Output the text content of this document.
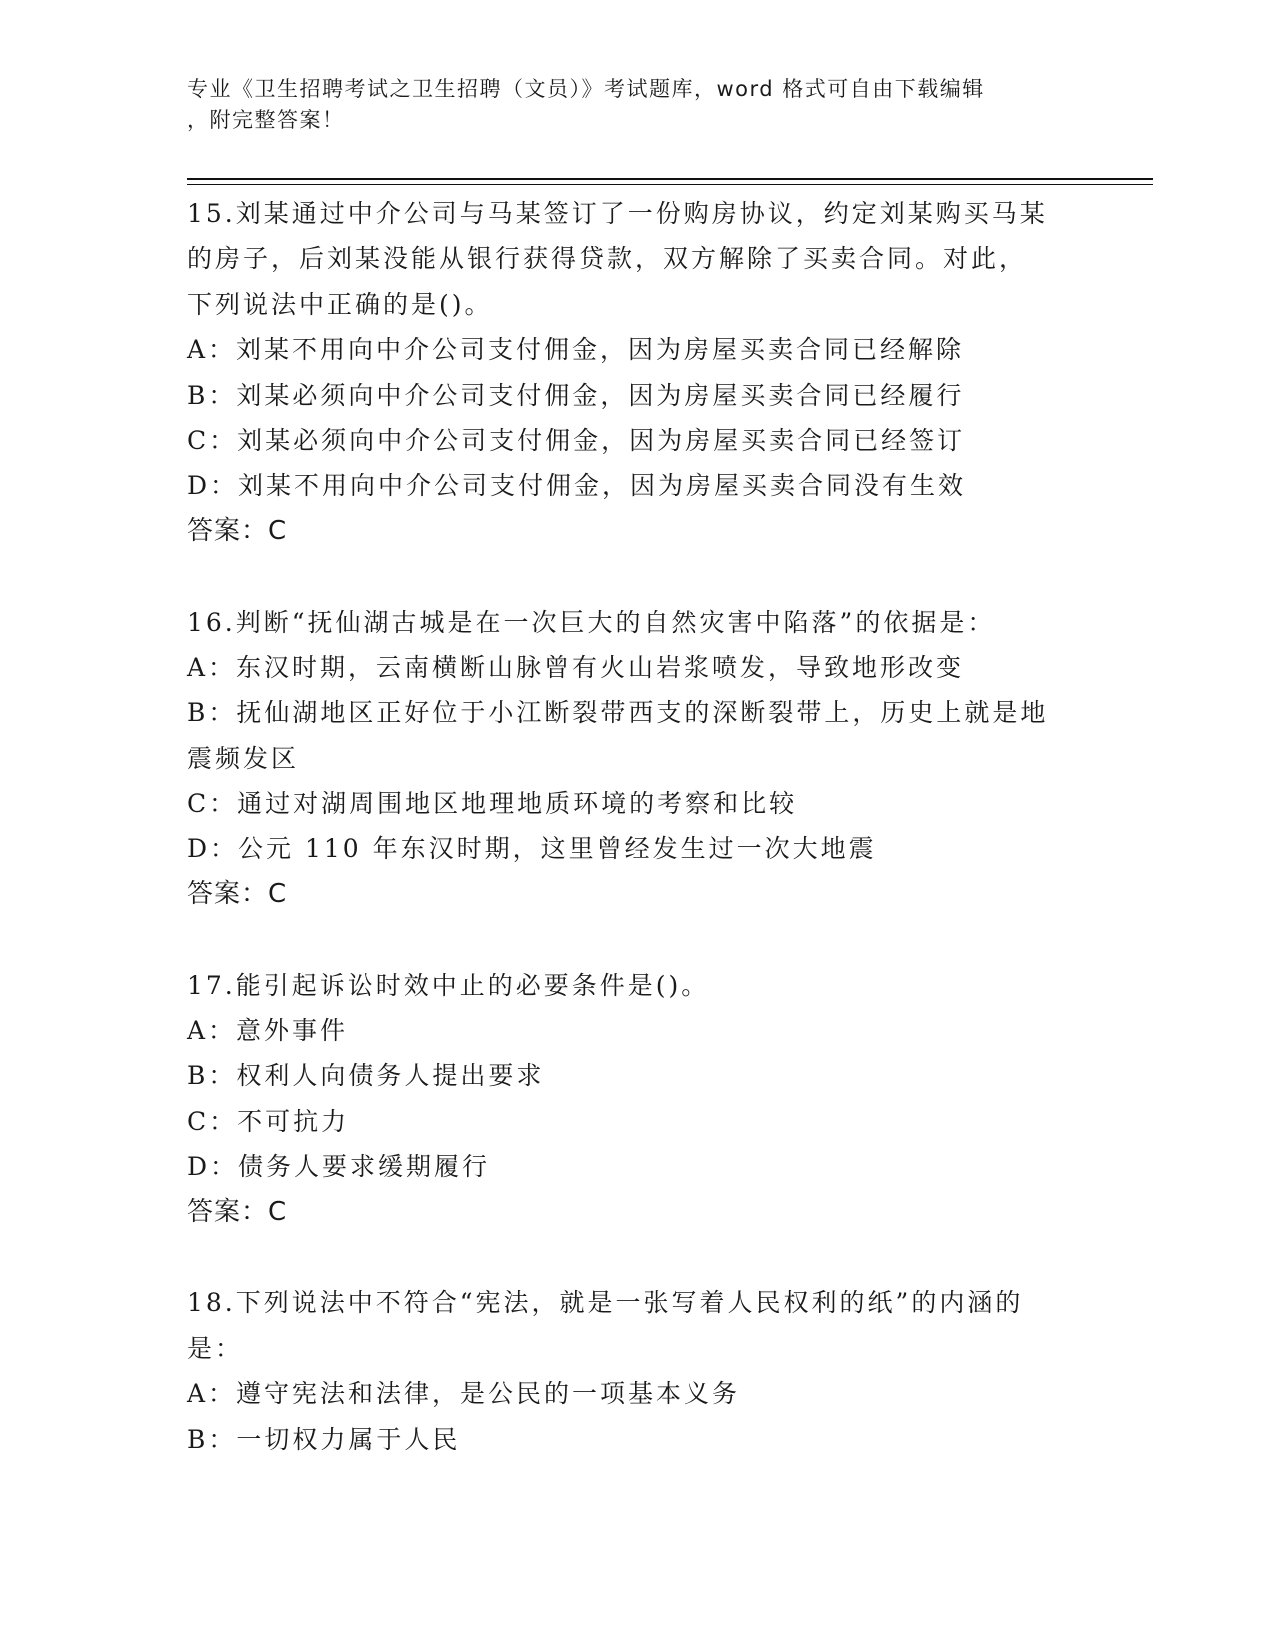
专业《卫生招聘考试之卫生招聘（文员）》考试题库，word 格式可自由下载编辑
，附完整答案！
15.刘某通过中介公司与马某签订了一份购房协议，约定刘某购买马某
的房子，后刘某没能从银行获得贷款，双方解除了买卖合同。对此，
下列说法中正确的是()。
A：刘某不用向中介公司支付佣金，因为房屋买卖合同已经解除
B：刘某必须向中介公司支付佣金，因为房屋买卖合同已经履行
C：刘某必须向中介公司支付佣金，因为房屋买卖合同已经签订
D：刘某不用向中介公司支付佣金，因为房屋买卖合同没有生效
答案：C
16.判断“抚仙湖古城是在一次巨大的自然灾害中陷落”的依据是：
A：东汉时期，云南横断山脉曾有火山岩浆喷发，导致地形改变
B：抚仙湖地区正好位于小江断裂带西支的深断裂带上，历史上就是地
震频发区
C：通过对湖周围地区地理地质环境的考察和比较
D：公元 110 年东汉时期，这里曾经发生过一次大地震
答案：C
17.能引起诉讼时效中止的必要条件是()。
A：意外事件
B：权利人向债务人提出要求
C：不可抗力
D：债务人要求缓期履行
答案：C
18.下列说法中不符合“宪法，就是一张写着人民权利的纸”的内涵的
是：
A：遵守宪法和法律，是公民的一项基本义务
B：一切权力属于人民
